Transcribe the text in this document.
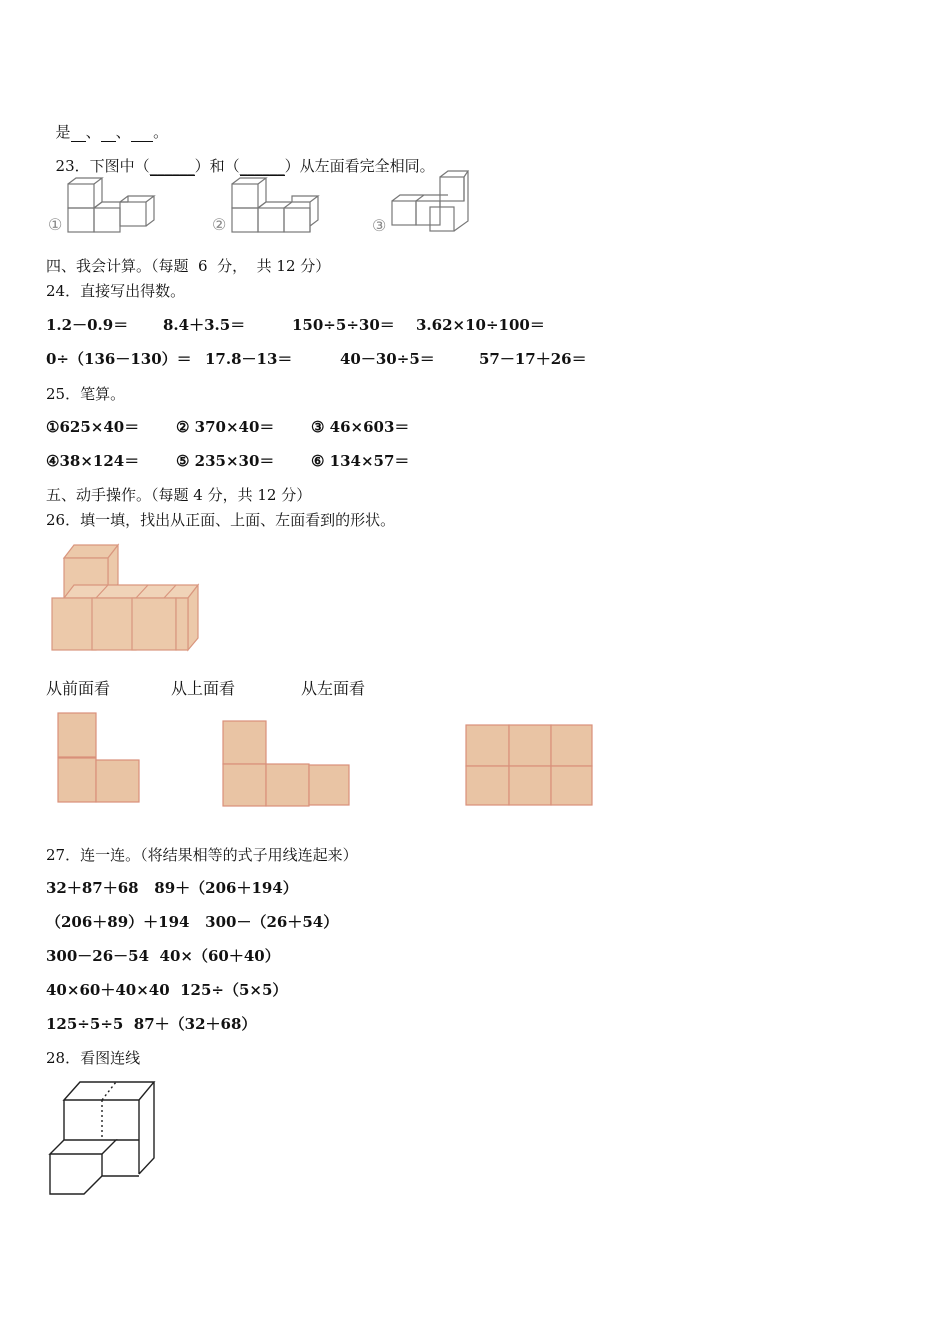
是 、 、 。

23．下图中（______）和（______）从左面看完全相同。

①	②	③
四、我会计算。（每题  6  分，  共 12 分）
24．直接写出得数。
1.2－0.9＝ 8.4＋3.5＝	150÷5÷30＝ 3.62×10÷100＝
0÷（136－130）＝ 17.8－13＝	40－30÷5＝	57－17＋26＝
25．笔算。
①625×40＝ ② 370×40＝ ③ 46×603＝
④38×124＝ ⑤ 235×30＝ ⑥ 134×57＝
五、动手操作。（每题 4 分，共 12 分）
26．填一填，找出从正面、上面、左面看到的形状。
从前面看	从上面看	从左面看
27．连一连。（将结果相等的式子用线连起来）
32＋87＋68   89＋（206＋194）
（206＋89）＋194   300－（26＋54）
300－26－54  40×（60＋40）
40×60＋40×40  125÷（5×5）
125÷5÷5  87＋（32＋68）
28．看图连线
